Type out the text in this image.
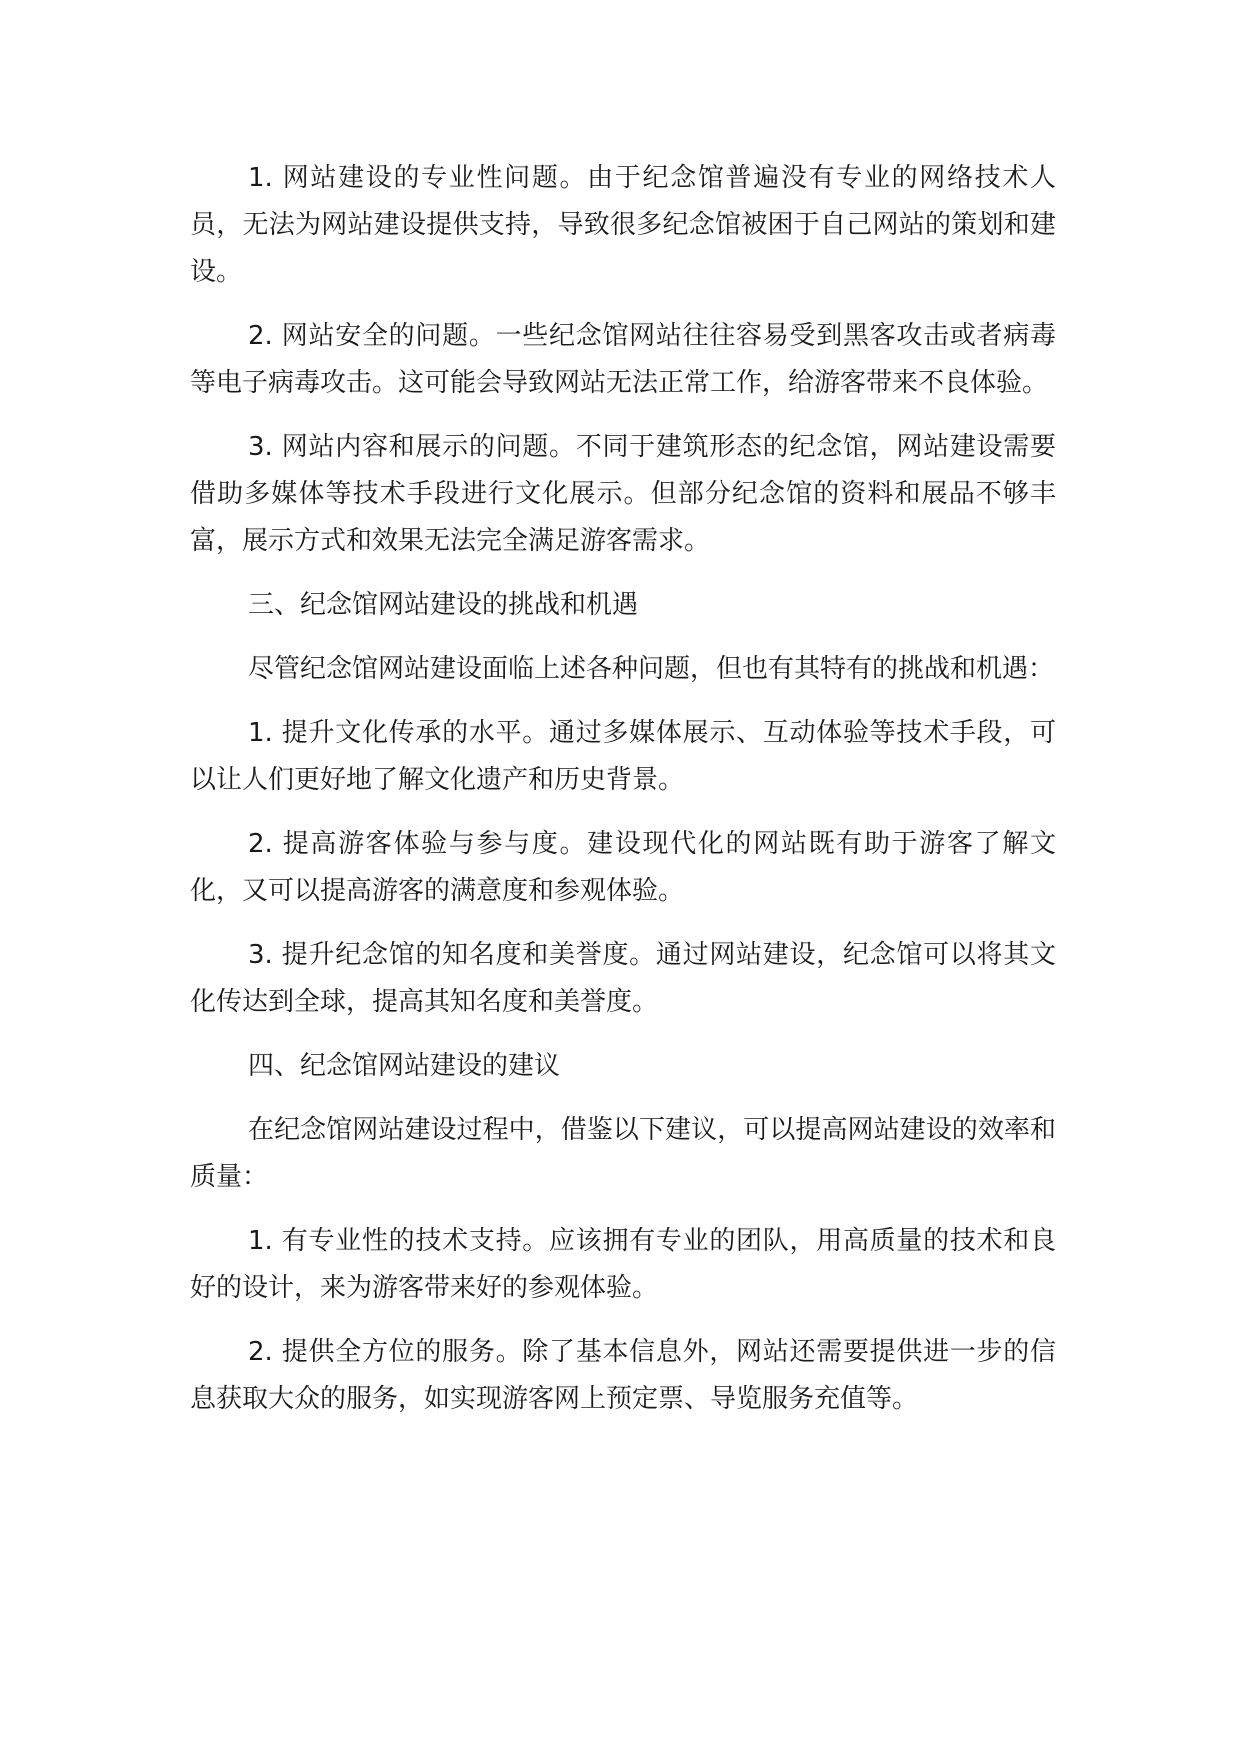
1. 网站建设的专业性问题。由于纪念馆普遍没有专业的网络技术人员，无法为网站建设提供支持，导致很多纪念馆被困于自己网站的策划和建设。

2. 网站安全的问题。一些纪念馆网站往往容易受到黑客攻击或者病毒等电子病毒攻击。这可能会导致网站无法正常工作，给游客带来不良体验。

3. 网站内容和展示的问题。不同于建筑形态的纪念馆，网站建设需要借助多媒体等技术手段进行文化展示。但部分纪念馆的资料和展品不够丰富，展示方式和效果无法完全满足游客需求。

三、纪念馆网站建设的挑战和机遇

尽管纪念馆网站建设面临上述各种问题，但也有其特有的挑战和机遇：

1. 提升文化传承的水平。通过多媒体展示、互动体验等技术手段，可以让人们更好地了解文化遗产和历史背景。

2. 提高游客体验与参与度。建设现代化的网站既有助于游客了解文化，又可以提高游客的满意度和参观体验。

3. 提升纪念馆的知名度和美誉度。通过网站建设，纪念馆可以将其文化传达到全球，提高其知名度和美誉度。

四、纪念馆网站建设的建议

在纪念馆网站建设过程中，借鉴以下建议，可以提高网站建设的效率和质量：

1. 有专业性的技术支持。应该拥有专业的团队，用高质量的技术和良好的设计，来为游客带来好的参观体验。

2. 提供全方位的服务。除了基本信息外，网站还需要提供进一步的信息获取大众的服务，如实现游客网上预定票、导览服务充值等。
